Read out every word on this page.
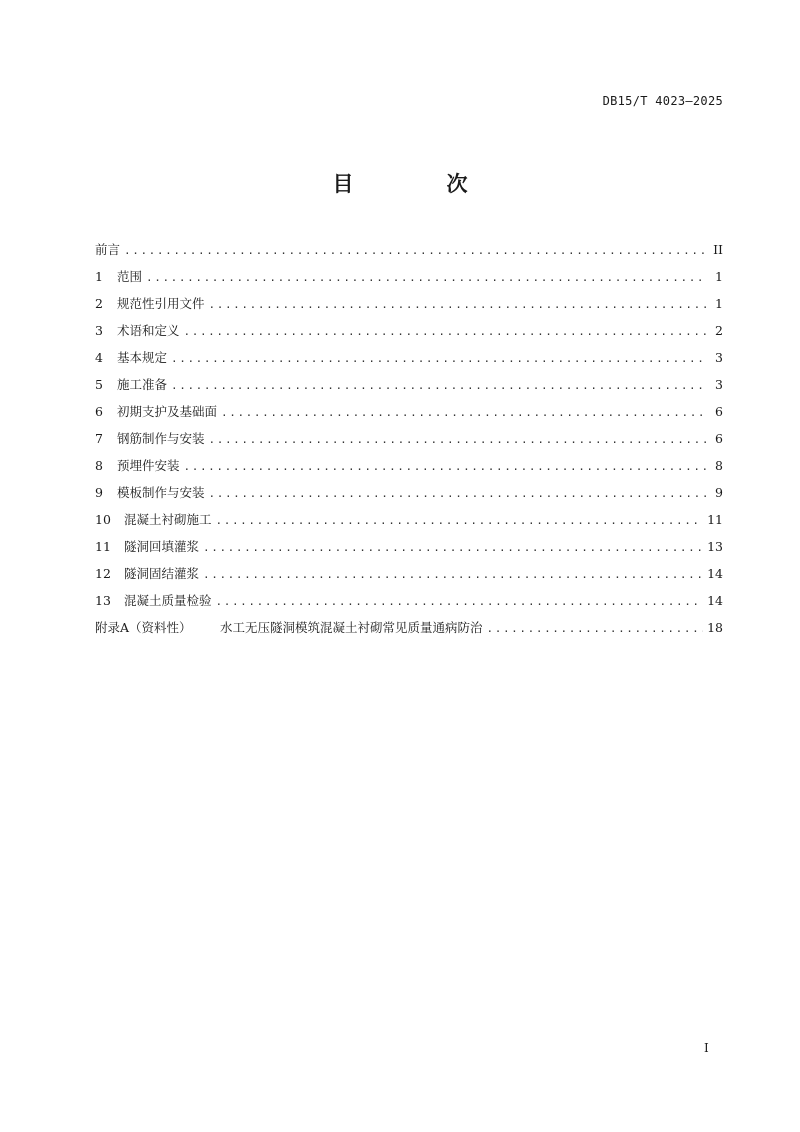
DB15/T 4023—2025
目　次
前言 .....	II
1	范围 .....	1
2	规范性引用文件 .....	1
3	术语和定义 .....	2
4	基本规定 .....	3
5	施工准备 .....	3
6	初期支护及基础面 .....	6
7	钢筋制作与安装 .....	6
8	预埋件安装 .....	8
9	模板制作与安装 .....	9
10	混凝土衬砌施工 .....	11
11	隧洞回填灌浆 .....	13
12	隧洞固结灌浆 .....	14
13	混凝土质量检验 .....	14
附录A（资料性）	水工无压隧洞模筑混凝土衬砌常见质量通病防治 .....	18
I
